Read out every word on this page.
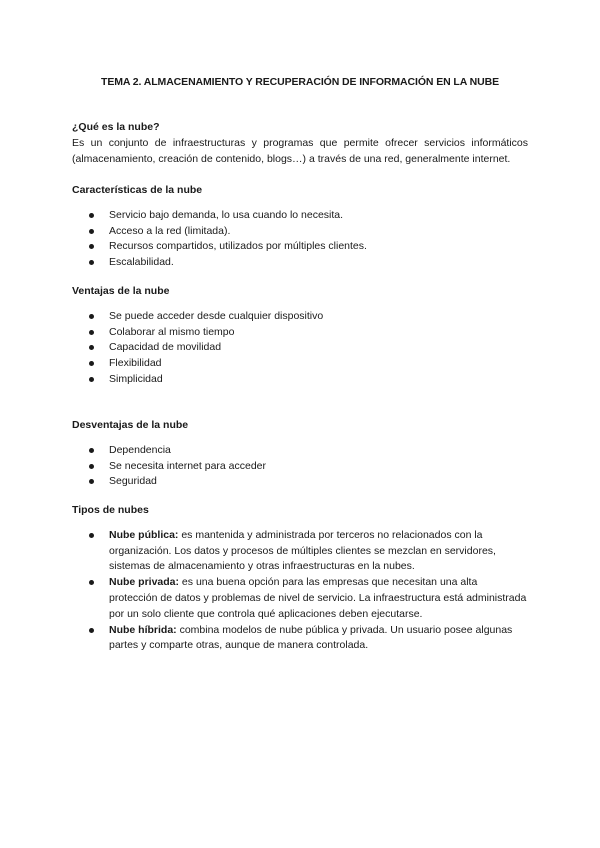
TEMA 2. ALMACENAMIENTO Y RECUPERACIÓN DE INFORMACIÓN EN LA NUBE
¿Qué es la nube?
Es un conjunto de infraestructuras y programas que permite ofrecer servicios informáticos (almacenamiento, creación de contenido, blogs…) a través de una red, generalmente internet.
Características de la nube
Servicio bajo demanda, lo usa cuando lo necesita.
Acceso a la red (limitada).
Recursos compartidos, utilizados por múltiples clientes.
Escalabilidad.
Ventajas de la nube
Se puede acceder desde cualquier dispositivo
Colaborar al mismo tiempo
Capacidad de movilidad
Flexibilidad
Simplicidad
Desventajas de la nube
Dependencia
Se necesita internet para acceder
Seguridad
Tipos de nubes
Nube pública: es mantenida y administrada por terceros no relacionados con la organización. Los datos y procesos de múltiples clientes se mezclan en servidores, sistemas de almacenamiento y otras infraestructuras en la nubes.
Nube privada: es una buena opción para las empresas que necesitan una alta protección de datos y problemas de nivel de servicio. La infraestructura está administrada por un solo cliente que controla qué aplicaciones deben ejecutarse.
Nube híbrida: combina modelos de nube pública y privada. Un usuario posee algunas partes y comparte otras, aunque de manera controlada.
